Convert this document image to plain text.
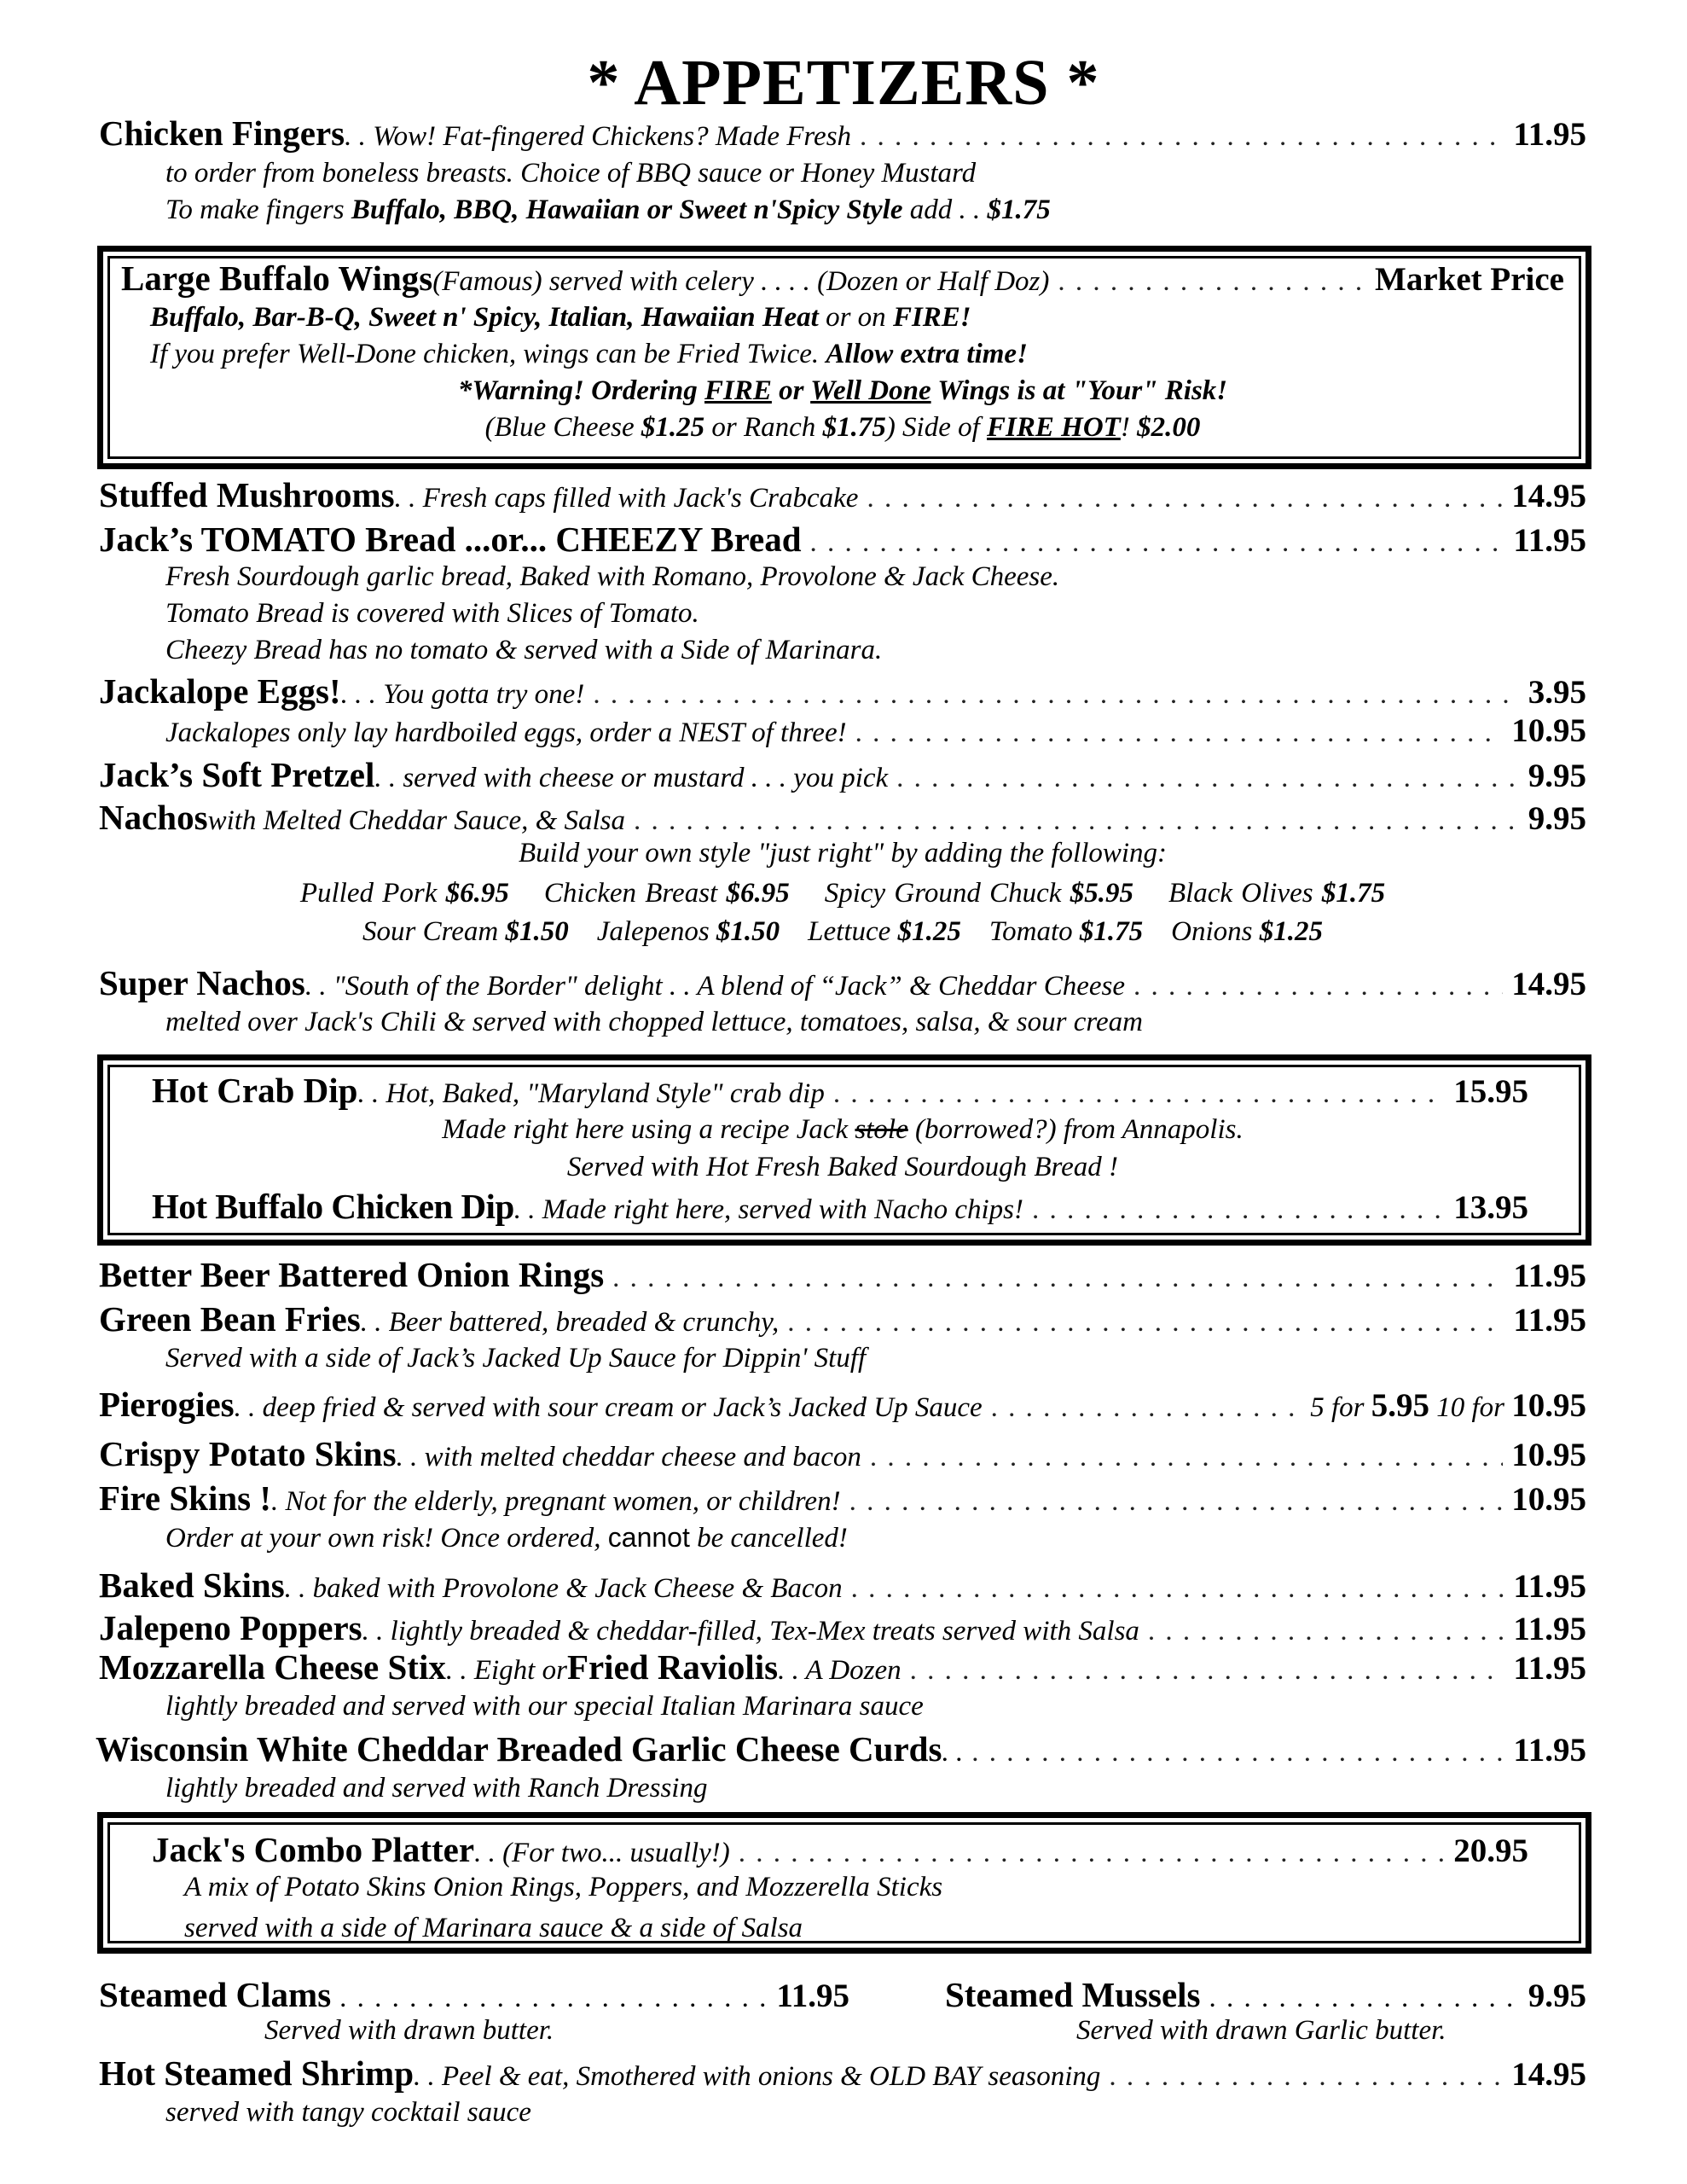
* APPETIZERS *
Chicken Fingers . . Wow! Fat-fingered Chickens? Made Fresh . . .	11.95
to order from boneless breasts. Choice of BBQ sauce or Honey Mustard
To make fingers Buffalo, BBQ, Hawaiian or Sweet n'Spicy Style add . . $1.75
Large Buffalo Wings (Famous) served with celery . . . . (Dozen or Half Doz) . . .	Market Price
Buffalo, Bar-B-Q, Sweet n' Spicy, Italian, Hawaiian Heat or on FIRE!
If you prefer Well-Done chicken, wings can be Fried Twice. Allow extra time!
*Warning! Ordering FIRE or Well Done Wings is at "Your" Risk!
(Blue Cheese $1.25 or Ranch $1.75) Side of FIRE HOT! $2.00
Stuffed Mushrooms . . Fresh caps filled with Jack's Crabcake . . .	14.95
Jack’s TOMATO Bread ...or... CHEEZY Bread . . .	11.95
Fresh Sourdough garlic bread, Baked with Romano, Provolone & Jack Cheese.
Tomato Bread is covered with Slices of Tomato.
Cheezy Bread has no tomato & served with a Side of Marinara.
Jackalope Eggs! . . . You gotta try one! . . .	3.95
Jackalopes only lay hardboiled eggs, order a NEST of three! . . .	10.95
Jack’s Soft Pretzel . . served with cheese or mustard . . . you pick . . .	9.95
Nachos with Melted Cheddar Sauce, & Salsa . . .	9.95
Build your own style "just right" by adding the following:
Pulled Pork $6.95 Chicken Breast $6.95 Spicy Ground Chuck $5.95 Black Olives $1.75
Sour Cream $1.50 Jalepenos $1.50 Lettuce $1.25 Tomato $1.75 Onions $1.25
Super Nachos . . "South of the Border" delight . . A blend of “Jack” & Cheddar Cheese . . .	14.95
melted over Jack's Chili & served with chopped lettuce, tomatoes, salsa, & sour cream
Hot Crab Dip . . Hot, Baked, "Maryland Style" crab dip . . .	15.95
Made right here using a recipe Jack stole (borrowed?) from Annapolis.
Served with Hot Fresh Baked Sourdough Bread !
Hot Buffalo Chicken Dip . . Made right here, served with Nacho chips! . . .	13.95
Better Beer Battered Onion Rings . . .	11.95
Green Bean Fries . . Beer battered, breaded & crunchy, . . .	11.95
Served with a side of Jack’s Jacked Up Sauce for Dippin' Stuff
Pierogies . . deep fried & served with sour cream or Jack’s Jacked Up Sauce . . .	5 for 5.95 10 for 10.95
Crispy Potato Skins . . with melted cheddar cheese and bacon . . .	10.95
Fire Skins ! . Not for the elderly, pregnant women, or children! . . .	10.95
Order at your own risk! Once ordered, cannot be cancelled!
Baked Skins . . baked with Provolone & Jack Cheese & Bacon . . .	11.95
Jalepeno Poppers . . lightly breaded & cheddar-filled, Tex-Mex treats served with Salsa . . .	11.95
Mozzarella Cheese Stix . . Eight or Fried Raviolis . . A Dozen . . .	11.95
lightly breaded and served with our special Italian Marinara sauce
Wisconsin White Cheddar Breaded Garlic Cheese Curds . . . . .	11.95
lightly breaded and served with Ranch Dressing
Jack's Combo Platter . . (For two... usually!) . . .	20.95
A mix of Potato Skins Onion Rings, Poppers, and Mozzerella Sticks
served with a side of Marinara sauce & a side of Salsa
Steamed Clams . . .	11.95
Served with drawn butter.
Steamed Mussels . . .	9.95
Served with drawn Garlic butter.
Hot Steamed Shrimp . . Peel & eat, Smothered with onions & OLD BAY seasoning . . .	14.95
served with tangy cocktail sauce
